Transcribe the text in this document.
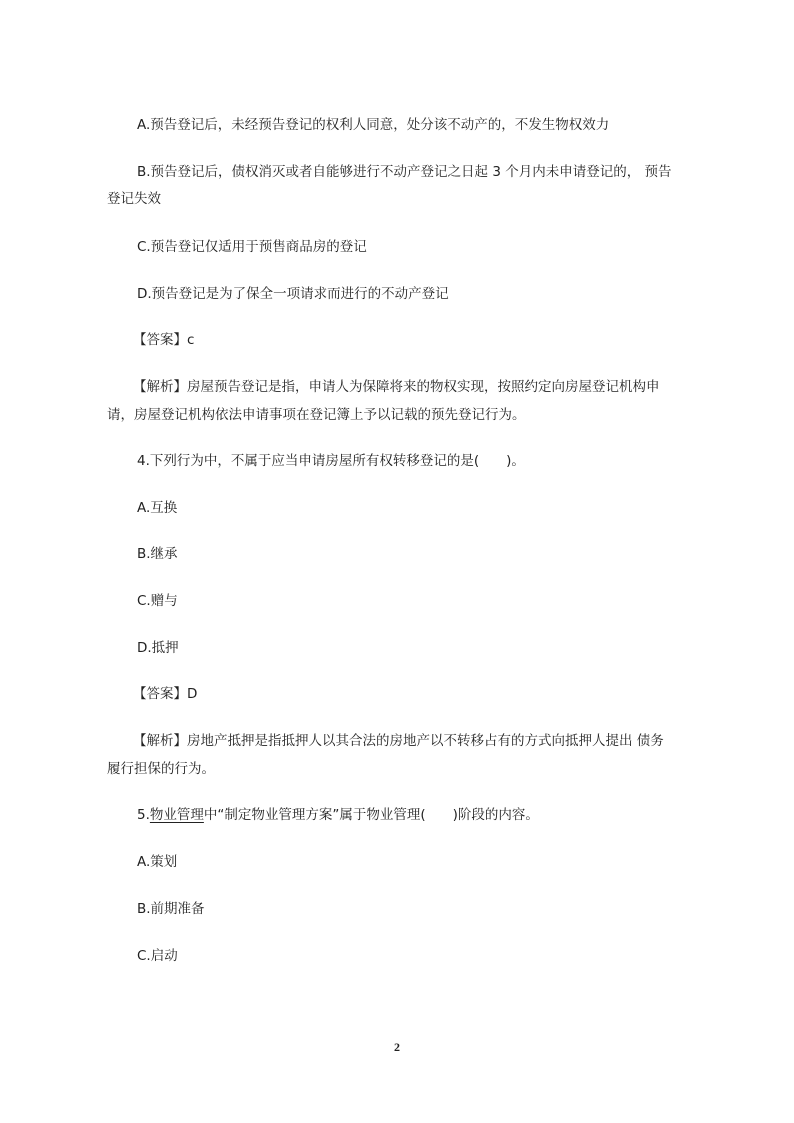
A.预告登记后，未经预告登记的权利人同意，处分该不动产的，不发生物权效力
B.预告登记后，债权消灭或者自能够进行不动产登记之日起 3 个月内未申请登记的， 预告
登记失效
C.预告登记仅适用于预售商品房的登记
D.预告登记是为了保全一项请求而进行的不动产登记
【答案】c
【解析】房屋预告登记是指，申请人为保障将来的物权实现，按照约定向房屋登记机构申
请，房屋登记机构依法申请事项在登记簿上予以记载的预先登记行为。
4.下列行为中，不属于应当申请房屋所有权转移登记的是(　　)。
A.互换
B.继承
C.赠与
D.抵押
【答案】D
【解析】房地产抵押是指抵押人以其合法的房地产以不转移占有的方式向抵押人提出 债务
履行担保的行为。
5.物业管理中“制定物业管理方案”属于物业管理(　　)阶段的内容。
A.策划
B.前期准备
C.启动
2
